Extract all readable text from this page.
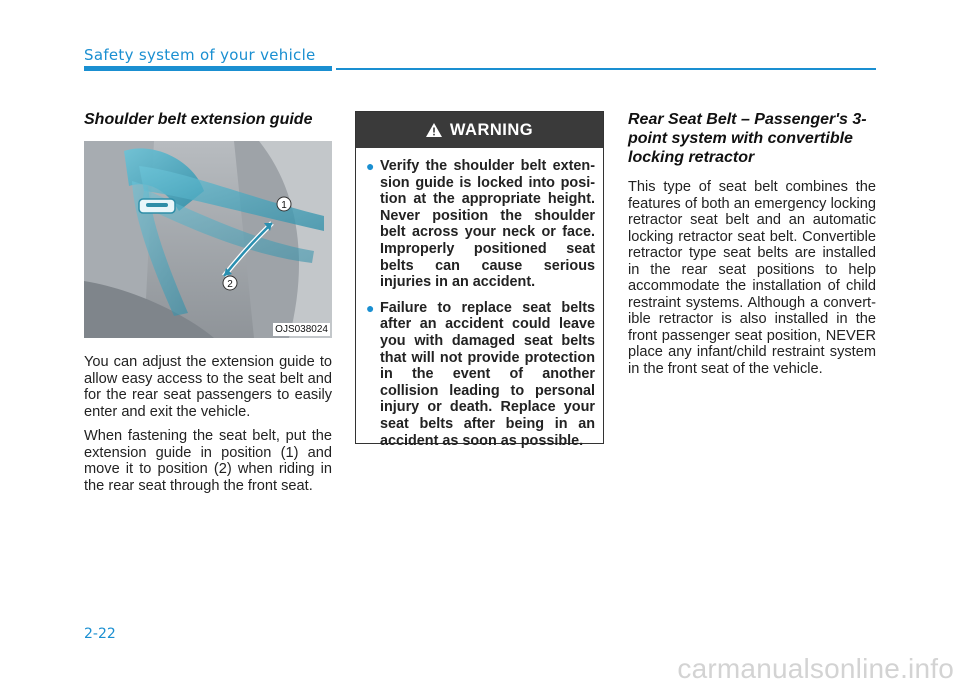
Safety system of your vehicle
Shoulder belt extension guide
1
2
OJS038024

You can adjust the extension guide to allow easy access to the seat belt and for the rear seat passengers to easily enter and exit the vehicle.

When fastening the seat belt, put the extension guide in position (1) and move it to position (2) when riding in the rear seat through the front seat.

WARNING
● Verify the shoulder belt extension guide is locked into position at the appropriate height. Never position the shoulder belt across your neck or face. Improperly positioned seat belts can cause serious injuries in an accident.
● Failure to replace seat belts after an accident could leave you with damaged seat belts that will not provide protection in the event of another collision leading to personal injury or death. Replace your seat belts after being in an accident as soon as possible.
Rear Seat Belt – Passenger's 3-point system with convertible locking retractor

This type of seat belt combines the features of both an emergency locking retractor seat belt and an automatic locking retractor seat belt. Convertible retractor type seat belts are installed in the rear seat positions to help accommodate the installation of child restraint systems. Although a convertible retractor is also installed in the front passenger seat position, NEVER place any infant/child restraint system in the front seat of the vehicle.

2-22
carmanualsonline.info
